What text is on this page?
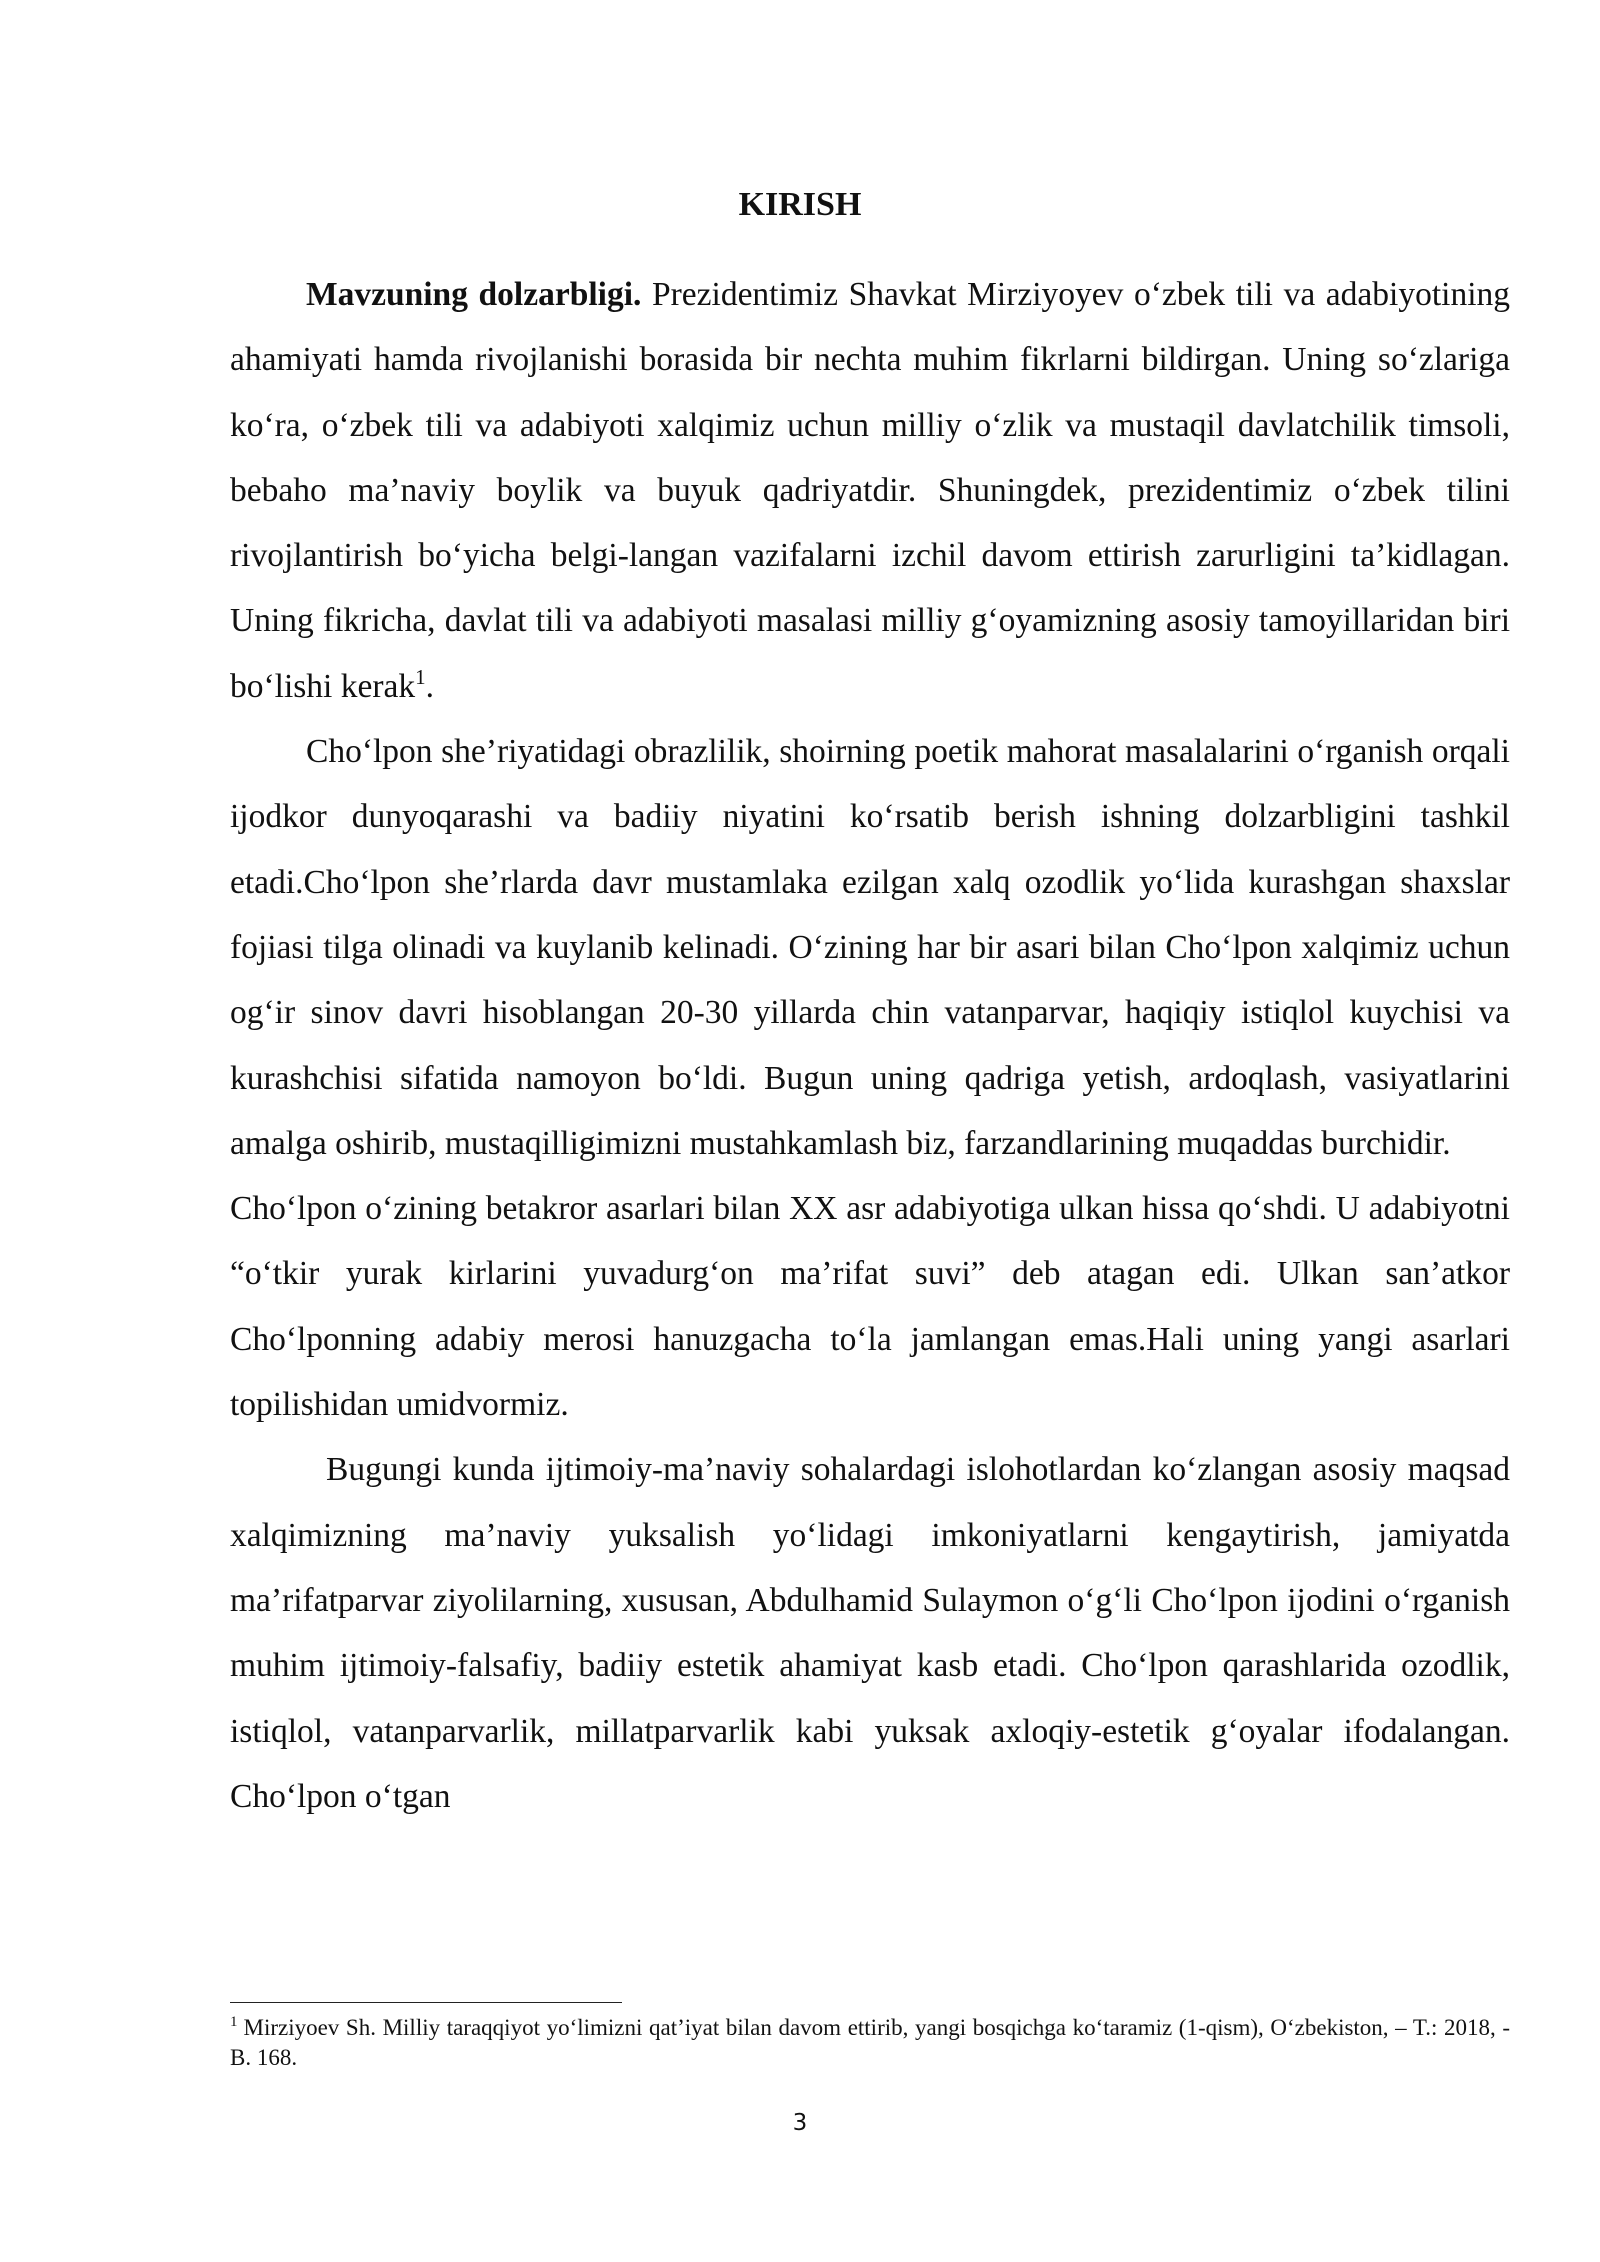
KIRISH

Mavzuning dolzarbligi. Prezidentimiz Shavkat Mirziyoyev o‘zbek tili va adabiyotining ahamiyati hamda rivojlanishi borasida bir nechta muhim fikrlarni bildirgan. Uning so‘zlariga ko‘ra, o‘zbek tili va adabiyoti xalqimiz uchun milliy o‘zlik va mustaqil davlatchilik timsoli, bebaho ma’naviy boylik va buyuk qadriyatdir. Shuningdek, prezidentimiz o‘zbek tilini rivojlantirish bo‘yicha belgi-langan vazifalarni izchil davom ettirish zarurligini ta’kidlagan. Uning fikricha, davlat tili va adabiyoti masalasi milliy g‘oyamizning asosiy tamoyillaridan biri bo‘lishi kerak$^1$.

Cho‘lpon she’riyatidagi obrazlilik, shoirning poetik mahorat masalalarini o‘rganish orqali ijodkor dunyoqarashi va badiiy niyatini ko‘rsatib berish ishning dolzarbligini tashkil etadi.Cho‘lpon she’rlarda davr mustamlaka ezilgan xalq ozodlik yo‘lida kurashgan shaxslar fojiasi tilga olinadi va kuylanib kelinadi. O‘zining har bir asari bilan Cho‘lpon xalqimiz uchun og‘ir sinov davri hisoblangan 20-30 yillarda chin vatanparvar, haqiqiy istiqlol kuychisi va kurashchisi sifatida namoyon bo‘ldi. Bugun uning qadriga yetish, ardoqlash, vasiyatlarini amalga oshirib, mustaqilligimizni mustahkamlash biz, farzandlarining muqaddas burchidir.

Cho‘lpon o‘zining betakror asarlari bilan XX asr adabiyotiga ulkan hissa qo‘shdi. U adabiyotni “o‘tkir yurak kirlarini yuvadurg‘on ma’rifat suvi” deb atagan edi. Ulkan san’atkor Cho‘lponning adabiy merosi hanuzgacha to‘la jamlangan emas.Hali uning yangi asarlari topilishidan umidvormiz.

Bugungi kunda ijtimoiy-ma’naviy sohalardagi islohotlardan ko‘zlangan asosiy maqsad xalqimizning ma’naviy yuksalish yo‘lidagi imkoniyatlarni kengaytirish, jamiyatda ma’rifatparvar ziyolilarning, xususan, Abdulhamid Sulaymon o‘g‘li Cho‘lpon ijodini o‘rganish muhim ijtimoiy-falsafiy, badiiy estetik ahamiyat kasb etadi. Cho‘lpon qarashlarida ozodlik, istiqlol, vatanparvarlik, millatparvarlik kabi yuksak axloqiy-estetik g‘oyalar ifodalangan. Cho‘lpon o‘tgan

$^1$ Mirziyoev Sh. Milliy taraqqiyot yo‘limizni qat’iyat bilan davom ettirib, yangi bosqichga ko‘taramiz (1-qism), O‘zbekiston, – T.: 2018, - B. 168.

3
